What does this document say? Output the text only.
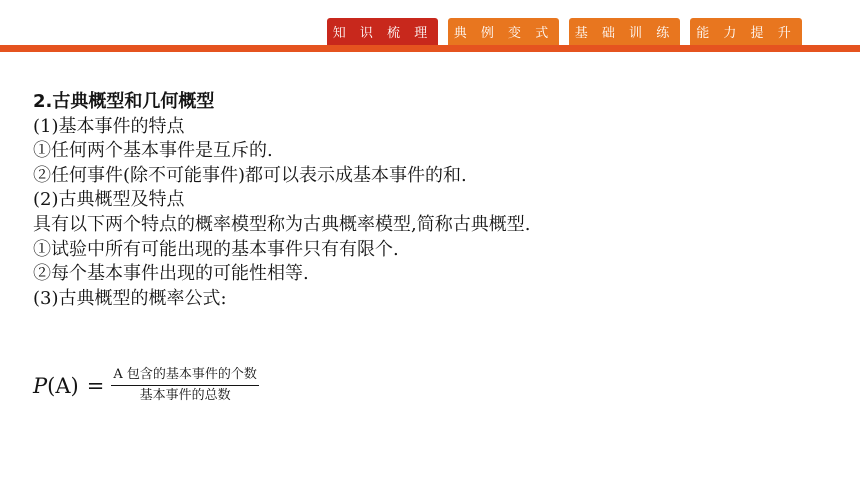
知 识 梳 理	典 例 变 式	基 础 训 练	能 力 提 升
2.古典概型和几何概型
(1)基本事件的特点
①任何两个基本事件是互斥的.
②任何事件(除不可能事件)都可以表示成基本事件的和.
(2)古典概型及特点
具有以下两个特点的概率模型称为古典概率模型,简称古典概型.
①试验中所有可能出现的基本事件只有有限个.
②每个基本事件出现的可能性相等.
(3)古典概型的概率公式:
$P(A) = \frac{\text{A 包含的基本事件的个数}}{\text{基本事件的总数}}$
